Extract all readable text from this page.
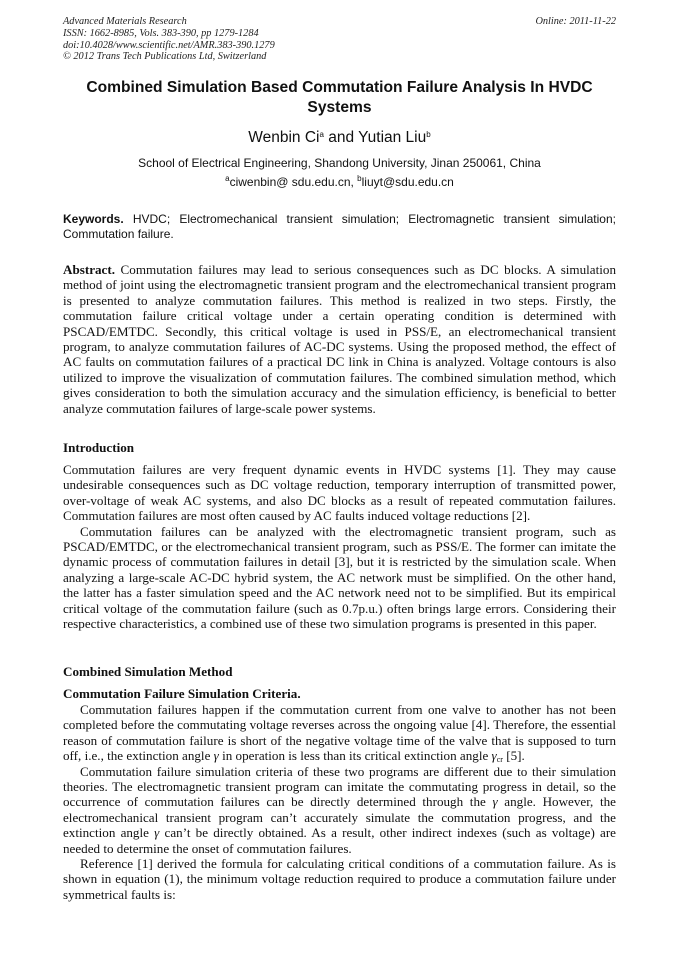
Advanced Materials Research
ISSN: 1662-8985, Vols. 383-390, pp 1279-1284
doi:10.4028/www.scientific.net/AMR.383-390.1279
© 2012 Trans Tech Publications Ltd, Switzerland
Online: 2011-11-22
Combined Simulation Based Commutation Failure Analysis In HVDC Systems
Wenbin Ci$^a$ and Yutian Liu$^b$
School of Electrical Engineering, Shandong University, Jinan 250061, China
$^a$ciwenbin@ sdu.edu.cn, $^b$liuyt@sdu.edu.cn
Keywords. HVDC; Electromechanical transient simulation; Electromagnetic transient simulation; Commutation failure.

Abstract. Commutation failures may lead to serious consequences such as DC blocks. A simulation method of joint using the electromagnetic transient program and the electromechanical transient program is presented to analyze commutation failures. This method is realized in two steps. Firstly, the commutation failure critical voltage under a certain operating condition is determined with PSCAD/EMTDC. Secondly, this critical voltage is used in PSS/E, an electromechanical transient program, to analyze commutation failures of AC-DC systems. Using the proposed method, the effect of AC faults on commutation failures of a practical DC link in China is analyzed. Voltage contours is also utilized to improve the visualization of commutation failures. The combined simulation method, which gives consideration to both the simulation accuracy and the simulation efficiency, is beneficial to better analyze commutation failures of large-scale power systems.

Introduction

Commutation failures are very frequent dynamic events in HVDC systems [1]. They may cause undesirable consequences such as DC voltage reduction, temporary interruption of transmitted power, over-voltage of weak AC systems, and also DC blocks as a result of repeated commutation failures. Commutation failures are most often caused by AC faults induced voltage reductions [2].

Commutation failures can be analyzed with the electromagnetic transient program, such as PSCAD/EMTDC, or the electromechanical transient program, such as PSS/E. The former can imitate the dynamic process of commutation failures in detail [3], but it is restricted by the simulation scale. When analyzing a large-scale AC-DC hybrid system, the AC network must be simplified. On the other hand, the latter has a faster simulation speed and the AC network need not to be simplified. But its empirical critical voltage of the commutation failure (such as 0.7p.u.) often brings large errors. Considering their respective characteristics, a combined use of these two simulation programs is presented in this paper.

Combined Simulation Method
Commutation Failure Simulation Criteria.

Commutation failures happen if the commutation current from one valve to another has not been completed before the commutating voltage reverses across the ongoing value [4]. Therefore, the essential reason of commutation failure is short of the negative voltage time of the valve that is supposed to turn off, i.e., the extinction angle γ in operation is less than its critical extinction angle $\gamma_{cr}$ [5].

Commutation failure simulation criteria of these two programs are different due to their simulation theories. The electromagnetic transient program can imitate the commutating progress in detail, so the occurrence of commutation failures can be directly determined through the γ angle. However, the electromechanical transient program can’t accurately simulate the commutation progress, and the extinction angle γ can’t be directly obtained. As a result, other indirect indexes (such as voltage) are needed to determine the onset of commutation failures.

Reference [1] derived the formula for calculating critical conditions of a commutation failure. As is shown in equation (1), the minimum voltage reduction required to produce a commutation failure under symmetrical faults is:
